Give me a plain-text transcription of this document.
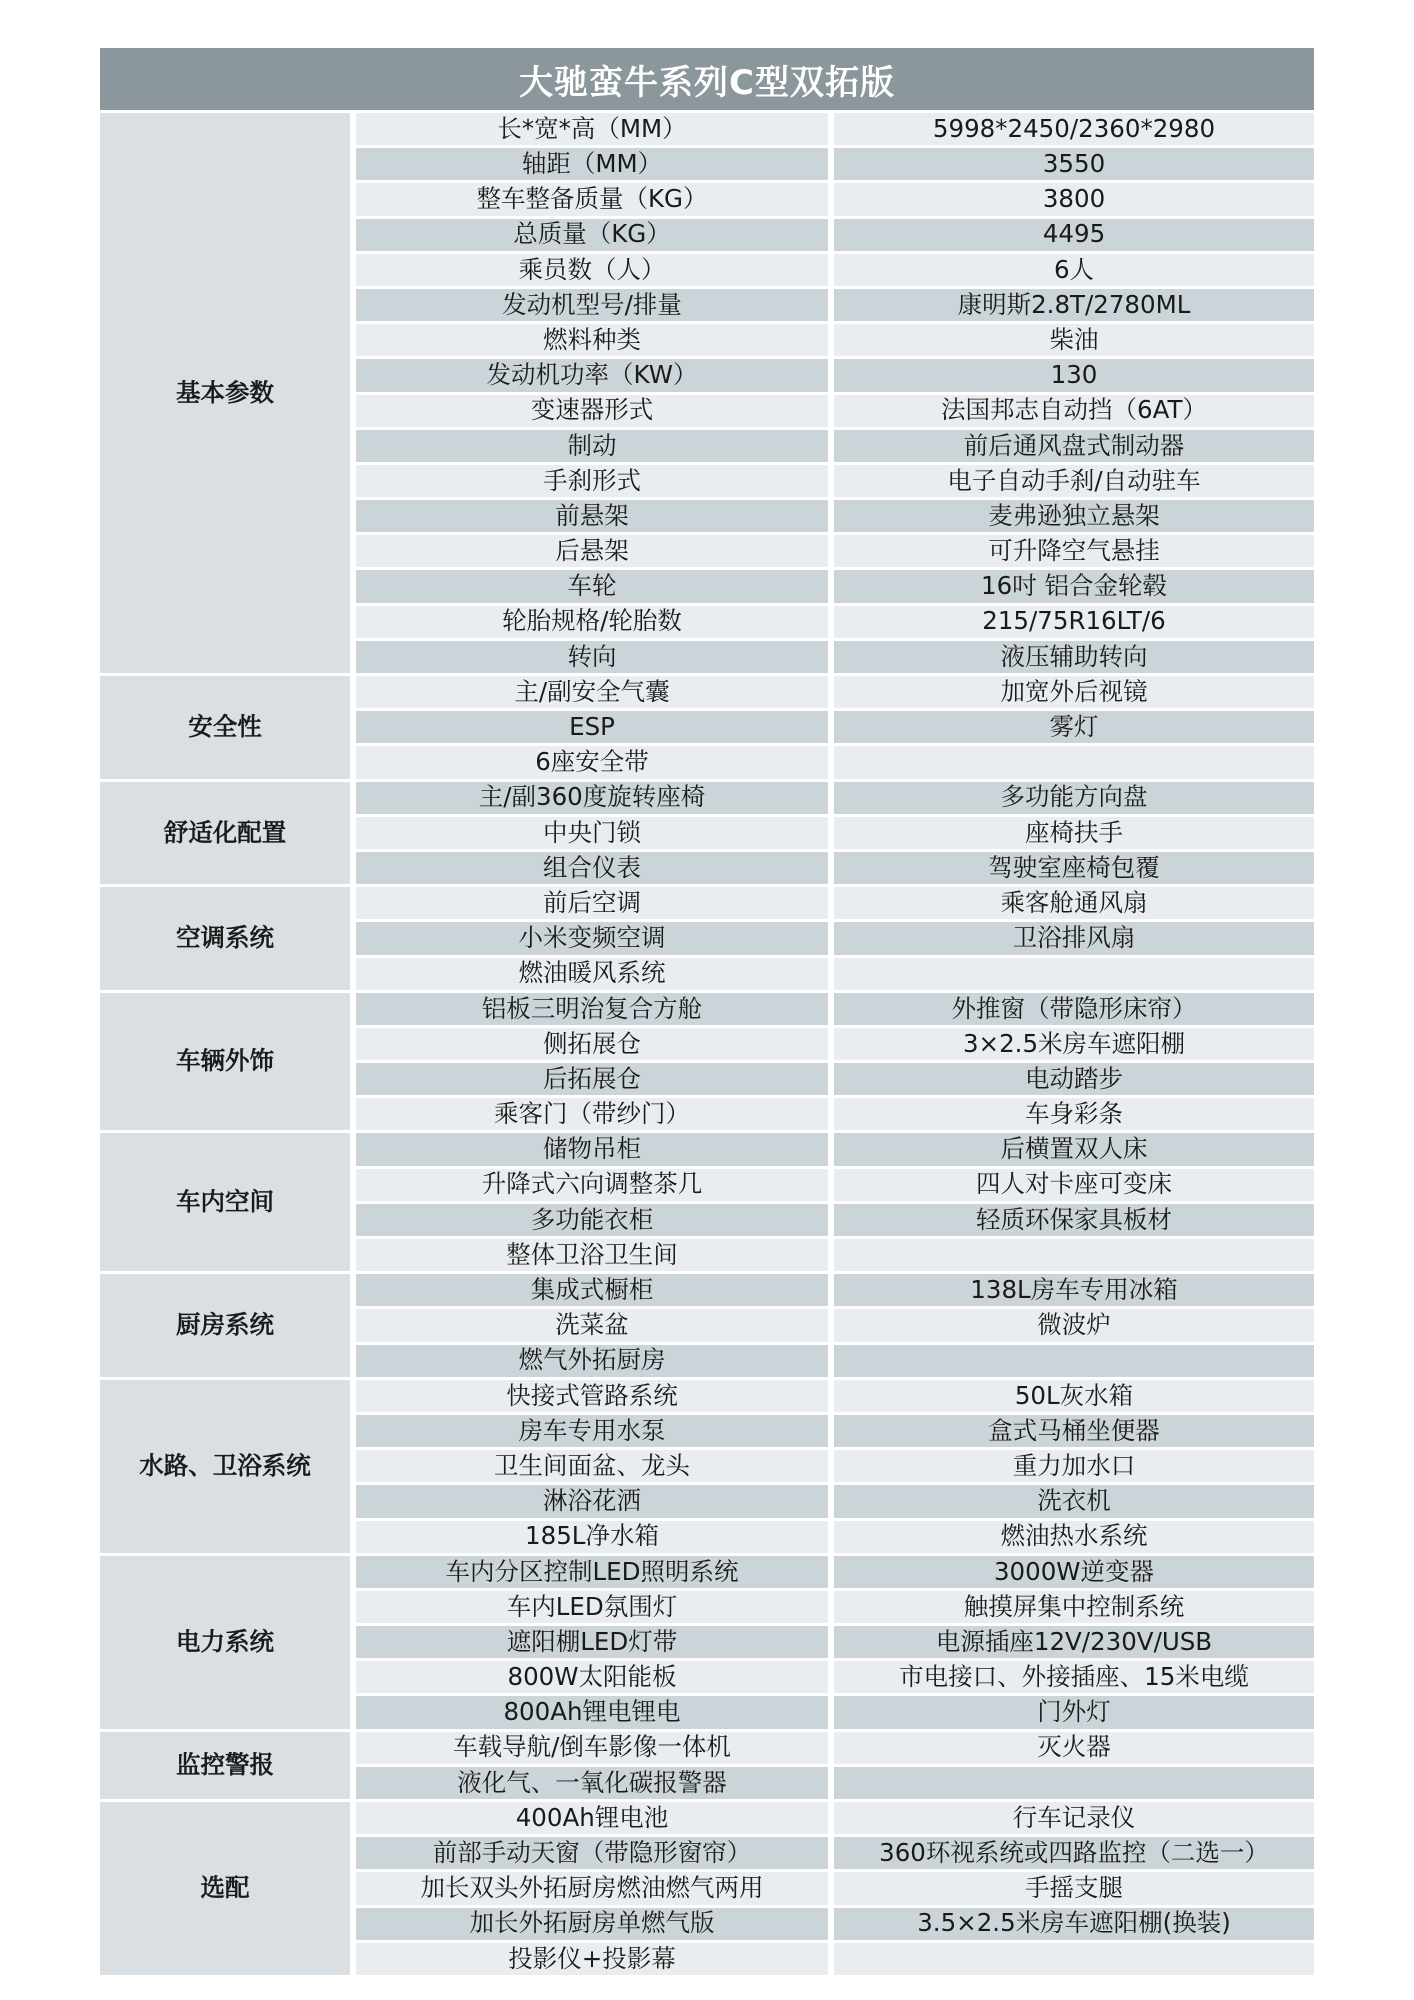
大驰蛮牛系列C型双拓版
基本参数		长*宽*高（MM）		5998*2450/2360*2980
		轴距（MM）		3550
		整车整备质量（KG）		3800
		总质量（KG）		4495
		乘员数（人）		6人
		发动机型号/排量		康明斯2.8T/2780ML
		燃料种类		柴油
		发动机功率（KW）		130
		变速器形式		法国邦志自动挡（6AT）
		制动		前后通风盘式制动器
		手刹形式		电子自动手刹/自动驻车
		前悬架		麦弗逊独立悬架
		后悬架		可升降空气悬挂
		车轮		16吋 铝合金轮毂
		轮胎规格/轮胎数		215/75R16LT/6
		转向		液压辅助转向
安全性		主/副安全气囊		加宽外后视镜
		ESP		雾灯
		6座安全带		
舒适化配置		主/副360度旋转座椅		多功能方向盘
		中央门锁		座椅扶手
		组合仪表		驾驶室座椅包覆
空调系统		前后空调		乘客舱通风扇
		小米变频空调		卫浴排风扇
		燃油暖风系统		
车辆外饰		铝板三明治复合方舱		外推窗（带隐形床帘）
		侧拓展仓		3×2.5米房车遮阳棚
		后拓展仓		电动踏步
		乘客门（带纱门）		车身彩条
车内空间		储物吊柜		后横置双人床
		升降式六向调整茶几		四人对卡座可变床
		多功能衣柜		轻质环保家具板材
		整体卫浴卫生间		
厨房系统		集成式橱柜		138L房车专用冰箱
		洗菜盆		微波炉
		燃气外拓厨房		
水路、卫浴系统		快接式管路系统		50L灰水箱
		房车专用水泵		盒式马桶坐便器
		卫生间面盆、龙头		重力加水口
		淋浴花洒		洗衣机
		185L净水箱		燃油热水系统
电力系统		车内分区控制LED照明系统		3000W逆变器
		车内LED氛围灯		触摸屏集中控制系统
		遮阳棚LED灯带		电源插座12V/230V/USB
		800W太阳能板		市电接口、外接插座、15米电缆
		800Ah锂电锂电		门外灯
监控警报		车载导航/倒车影像一体机		灭火器
		液化气、一氧化碳报警器		
选配		400Ah锂电池		行车记录仪
		前部手动天窗（带隐形窗帘）		360环视系统或四路监控（二选一）
		加长双头外拓厨房燃油燃气两用		手摇支腿
		加长外拓厨房单燃气版		3.5×2.5米房车遮阳棚(换装)
		投影仪+投影幕		
